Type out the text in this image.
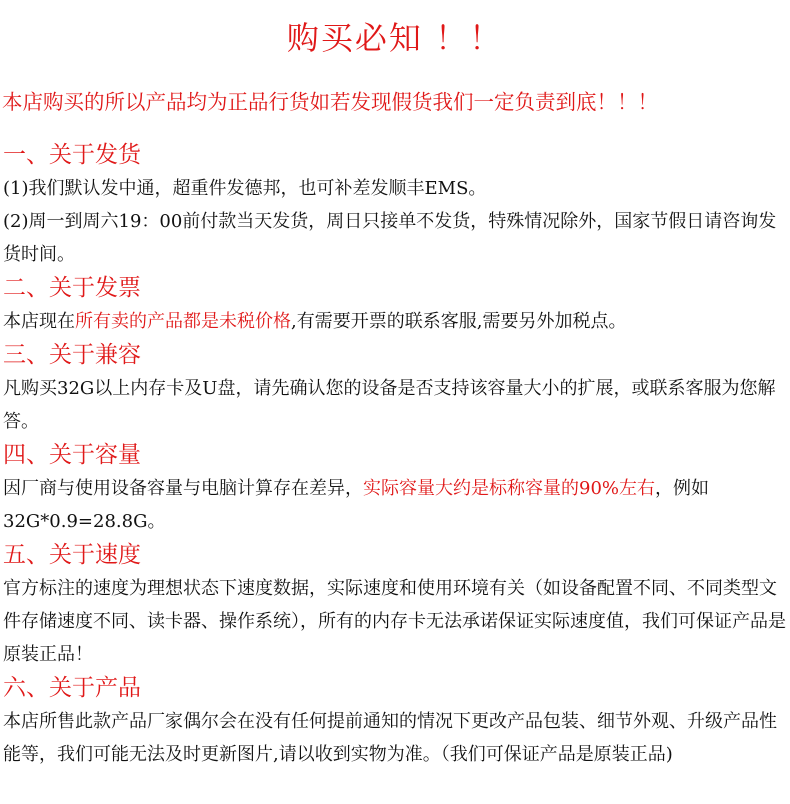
购买必知 ！！
本店购买的所以产品均为正品行货如若发现假货我们一定负责到底！！！

一、关于发货

(1)我们默认发中通，超重件发德邦，也可补差发顺丰EMS。

(2)周一到周六19：00前付款当天发货，周日只接单不发货，特殊情况除外，国家节假日请咨询发货时间。

二、关于发票

本店现在所有卖的产品都是未税价格,有需要开票的联系客服,需要另外加税点。

三、关于兼容

凡购买32G以上内存卡及U盘，请先确认您的设备是否支持该容量大小的扩展，或联系客服为您解答。

四、关于容量

因厂商与使用设备容量与电脑计算存在差异，实际容量大约是标称容量的90%左右，例如32G*0.9=28.8G。

五、关于速度

官方标注的速度为理想状态下速度数据，实际速度和使用环境有关（如设备配置不同、不同类型文件存储速度不同、读卡器、操作系统），所有的内存卡无法承诺保证实际速度值，我们可保证产品是原装正品！

六、关于产品

本店所售此款产品厂家偶尔会在没有任何提前通知的情况下更改产品包装、细节外观、升级产品性能等，我们可能无法及时更新图片,请以收到实物为准。（我们可保证产品是原装正品)
